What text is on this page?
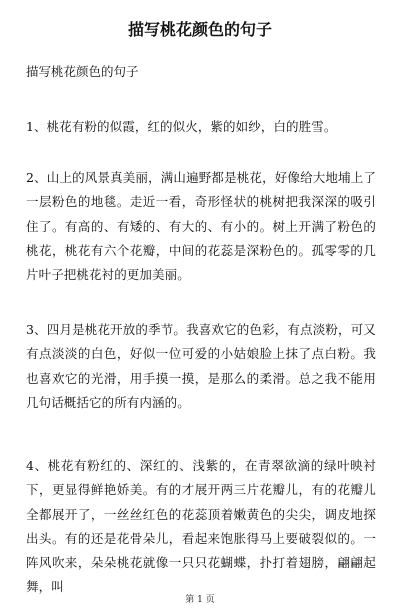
描写桃花颜色的句子

描写桃花颜色的句子

1、桃花有粉的似霞，红的似火，紫的如纱，白的胜雪。

2、山上的风景真美丽，满山遍野都是桃花，好像给大地埔上了一层粉色的地毯。走近一看，奇形怪状的桃树把我深深的吸引住了。有高的、有矮的、有大的、有小的。树上开满了粉色的桃花，桃花有六个花瓣，中间的花蕊是深粉色的。孤零零的几片叶子把桃花衬的更加美丽。

3、四月是桃花开放的季节。我喜欢它的色彩，有点淡粉，可又有点淡淡的白色，好似一位可爱的小姑娘脸上抹了点白粉。我也喜欢它的光滑，用手摸一摸，是那么的柔滑。总之我不能用几句话概括它的所有内涵的。

4、桃花有粉红的、深红的、浅紫的，在青翠欲滴的绿叶映衬下，更显得鲜艳娇美。有的才展开两三片花瓣儿，有的花瓣儿全都展开了，一丝丝红色的花蕊顶着嫩黄色的尖尖，调皮地探出头。有的还是花骨朵儿，看起来饱胀得马上要破裂似的。一阵风吹来，朵朵桃花就像一只只花蝴蝶，扑打着翅膀，翩翩起舞，叫

第 1 页
